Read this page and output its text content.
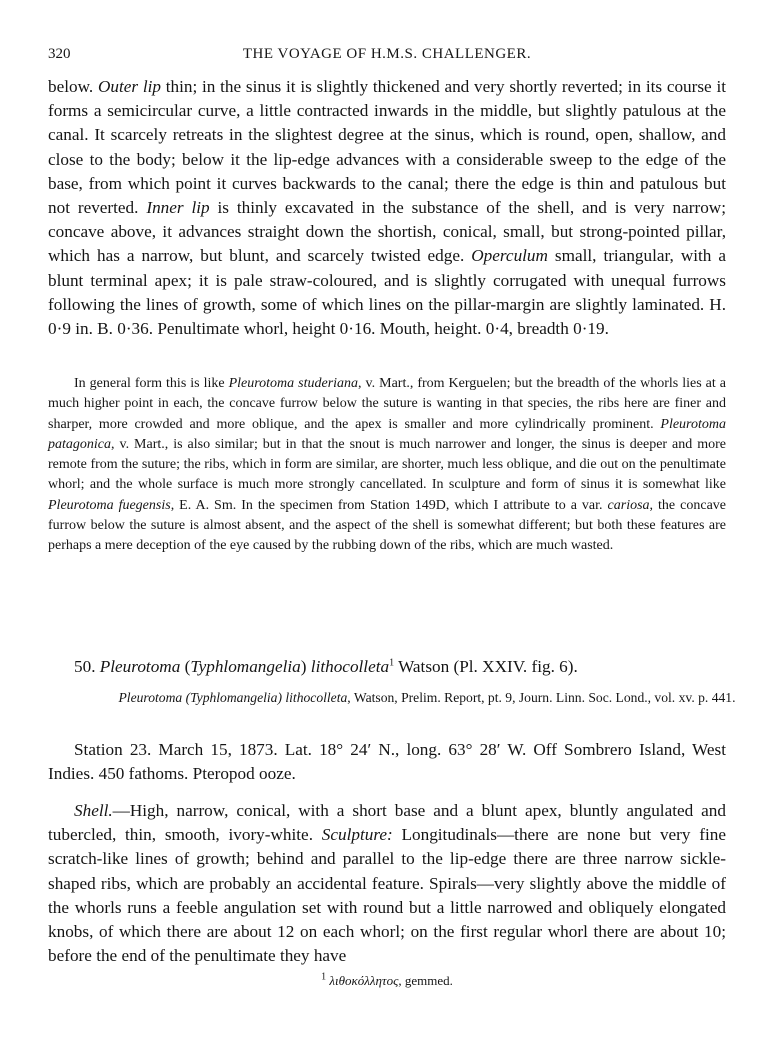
320	THE VOYAGE OF H.M.S. CHALLENGER.

below. Outer lip thin; in the sinus it is slightly thickened and very shortly reverted; in its course it forms a semicircular curve, a little contracted inwards in the middle, but slightly patulous at the canal. It scarcely retreats in the slightest degree at the sinus, which is round, open, shallow, and close to the body; below it the lip-edge advances with a considerable sweep to the edge of the base, from which point it curves backwards to the canal; there the edge is thin and patulous but not reverted. Inner lip is thinly excavated in the substance of the shell, and is very narrow; concave above, it advances straight down the shortish, conical, small, but strong-pointed pillar, which has a narrow, but blunt, and scarcely twisted edge. Operculum small, triangular, with a blunt terminal apex; it is pale straw-coloured, and is slightly corrugated with unequal furrows following the lines of growth, some of which lines on the pillar-margin are slightly laminated. H. 0·9 in. B. 0·36. Penultimate whorl, height 0·16. Mouth, height. 0·4, breadth 0·19.

In general form this is like Pleurotoma studeriana, v. Mart., from Kerguelen; but the breadth of the whorls lies at a much higher point in each, the concave furrow below the suture is wanting in that species, the ribs here are finer and sharper, more crowded and more oblique, and the apex is smaller and more cylindrically prominent. Pleurotoma patagonica, v. Mart., is also similar; but in that the snout is much narrower and longer, the sinus is deeper and more remote from the suture; the ribs, which in form are similar, are shorter, much less oblique, and die out on the penultimate whorl; and the whole surface is much more strongly cancellated. In sculpture and form of sinus it is somewhat like Pleurotoma fuegensis, E. A. Sm. In the specimen from Station 149D, which I attribute to a var. cariosa, the concave furrow below the suture is almost absent, and the aspect of the shell is somewhat different; but both these features are perhaps a mere deception of the eye caused by the rubbing down of the ribs, which are much wasted.

50. Pleurotoma (Typhlomangelia) lithocolleta$^1$ Watson (Pl. XXIV. fig. 6).

Pleurotoma (Typhlomangelia) lithocolleta, Watson, Prelim. Report, pt. 9, Journ. Linn. Soc. Lond., vol. xv. p. 441.

Station 23. March 15, 1873. Lat. 18° 24′ N., long. 63° 28′ W. Off Sombrero Island, West Indies. 450 fathoms. Pteropod ooze.

Shell.—High, narrow, conical, with a short base and a blunt apex, bluntly angulated and tubercled, thin, smooth, ivory-white. Sculpture: Longitudinals—there are none but very fine scratch-like lines of growth; behind and parallel to the lip-edge there are three narrow sickle-shaped ribs, which are probably an accidental feature. Spirals—very slightly above the middle of the whorls runs a feeble angulation set with round but a little narrowed and obliquely elongated knobs, of which there are about 12 on each whorl; on the first regular whorl there are about 10; before the end of the penultimate they have

$^1$ λιθοκόλλητος, gemmed.
